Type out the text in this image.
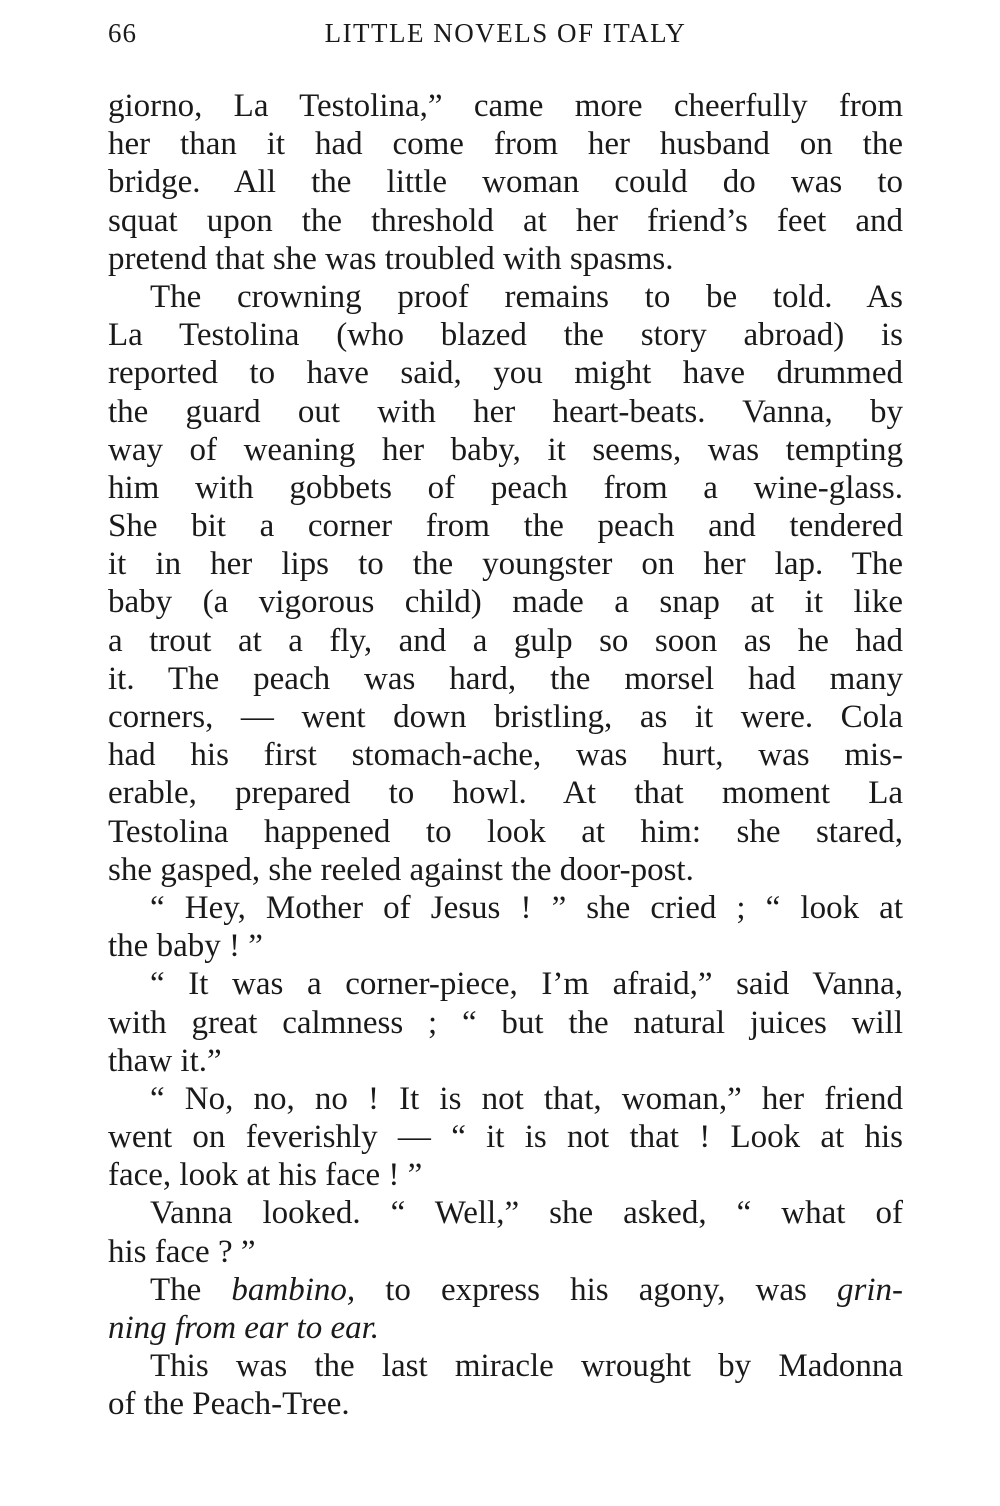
66	LITTLE NOVELS OF ITALY
giorno, La Testolina,” came more cheerfully from
her than it had come from her husband on the
bridge. All the little woman could do was to
squat upon the threshold at her friend’s feet and
pretend that she was troubled with spasms.
The crowning proof remains to be told. As
La Testolina (who blazed the story abroad) is
reported to have said, you might have drummed
the guard out with her heart-beats. Vanna, by
way of weaning her baby, it seems, was tempting
him with gobbets of peach from a wine-glass.
She bit a corner from the peach and tendered
it in her lips to the youngster on her lap. The
baby (a vigorous child) made a snap at it like
a trout at a fly, and a gulp so soon as he had
it. The peach was hard, the morsel had many
corners, — went down bristling, as it were. Cola
had his first stomach-ache, was hurt, was mis-
erable, prepared to howl. At that moment La
Testolina happened to look at him: she stared,
she gasped, she reeled against the door-post.
“ Hey, Mother of Jesus ! ” she cried ; “ look at
the baby ! ”
“ It was a corner-piece, I’m afraid,” said Vanna,
with great calmness ; “ but the natural juices will
thaw it.”
“ No, no, no ! It is not that, woman,” her friend
went on feverishly — “ it is not that ! Look at his
face, look at his face ! ”
Vanna looked. “ Well,” she asked, “ what of
his face ? ”
The bambino, to express his agony, was grin-
ning from ear to ear.
This was the last miracle wrought by Madonna
of the Peach-Tree.
